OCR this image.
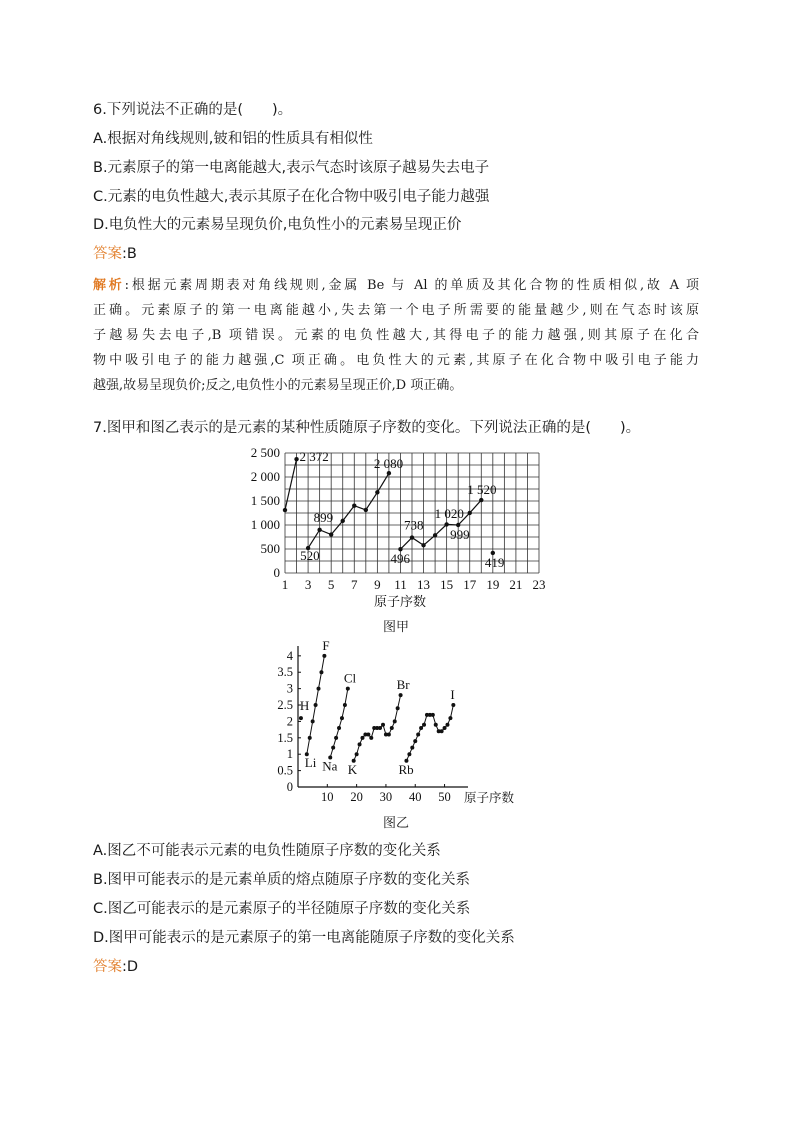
6.下列说法不正确的是(　　)。
A.根据对角线规则,铍和铝的性质具有相似性
B.元素原子的第一电离能越大,表示气态时该原子越易失去电子
C.元素的电负性越大,表示其原子在化合物中吸引电子能力越强
D.电负性大的元素易呈现负价,电负性小的元素易呈现正价
答案:B
解析:根据元素周期表对角线规则,金属 Be 与 Al 的单质及其化合物的性质相似,故 A 项
正确。元素原子的第一电离能越小,失去第一个电子所需要的能量越少,则在气态时该原
子越易失去电子,B 项错误。元素的电负性越大,其得电子的能力越强,则其原子在化合
物中吸引电子的能力越强,C 项正确。电负性大的元素,其原子在化合物中吸引电子能力
越强,故易呈现负价;反之,电负性小的元素易呈现正价,D 项正确。
7.图甲和图乙表示的是元素的某种性质随原子序数的变化。下列说法正确的是(　　)。
0
500
1 000
1 500
2 000
2 500
1 3 5 7 9 11 13 15 17 19 21 23
原子序数
2 372
520
899
2 080
496
738
1 020
999
1 520
419
图甲
0
0.5
1
1.5
2
2.5
3
3.5
4
10 20 30 40 50 原子序数
H
Li
F
Na
Cl
K
Br
Rb
I
图乙
A.图乙不可能表示元素的电负性随原子序数的变化关系
B.图甲可能表示的是元素单质的熔点随原子序数的变化关系
C.图乙可能表示的是元素原子的半径随原子序数的变化关系
D.图甲可能表示的是元素原子的第一电离能随原子序数的变化关系
答案:D
